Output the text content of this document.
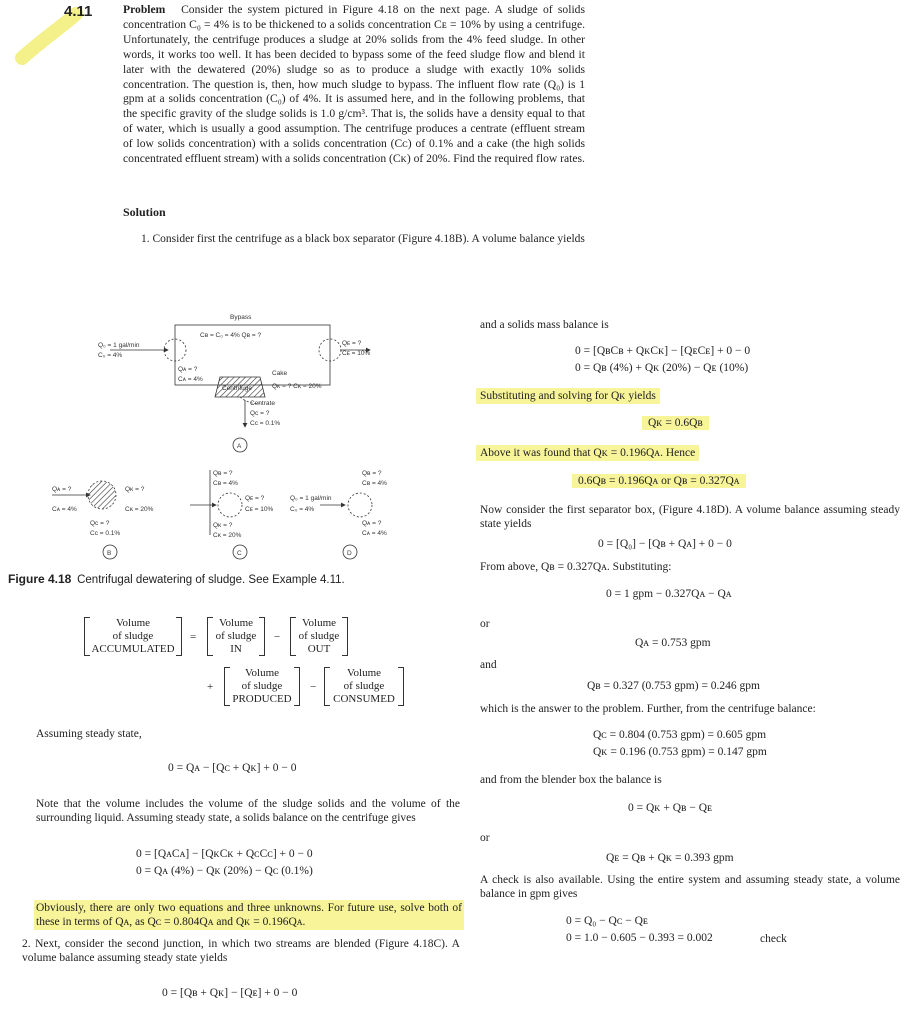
4.11	Problem Consider the system pictured in Figure 4.18 on the next page. A sludge of solids concentration C₀ = 4% is to be thickened to a solids concentration Cᴇ = 10% by using a centrifuge. Unfortunately, the centrifuge produces a sludge at 20% solids from the 4% feed sludge. In other words, it works too well. It has been decided to bypass some of the feed sludge flow and blend it later with the dewatered (20%) sludge so as to produce a sludge with exactly 10% solids concentration. The question is, then, how much sludge to bypass. The influent flow rate (Q₀) is 1 gpm at a solids concentration (C₀) of 4%. It is assumed here, and in the following problems, that the specific gravity of the sludge solids is 1.0 g/cm³. That is, the solids have a density equal to that of water, which is usually a good assumption. The centrifuge produces a centrate (effluent stream of low solids concentration) with a solids concentration (Cᴄ) of 0.1% and a cake (the high solids concentrated effluent stream) with a solids concentration (Cᴋ) of 20%. Find the required flow rates.
Solution
1. Consider first the centrifuge as a black box separator (Figure 4.18B). A volume balance yields
Bypass
Cʙ = C₀ = 4% Qʙ = ?
Q₀ = 1 gal/min
C₀ = 4%
Qᴇ = ?
Cᴇ = 10%
Qᴀ = ?
Cᴀ = 4%
Centrifuge
Cake
Qᴋ = ? Cᴋ = 20%
Centrate
Qᴄ = ?
Cᴄ = 0.1%
A
Qᴀ = ?
Cᴀ = 4%
Qᴋ = ?
Cᴋ = 20%
Qᴄ = ?
Cᴄ = 0.1%
B
Qʙ = ?
Cʙ = 4%
Qᴇ = ?
Cᴇ = 10%
Qᴋ = ?
Cᴋ = 20%
C
Q₀ = 1 gal/min
C₀ = 4%
Qʙ = ?
Cʙ = 4%
Qᴀ = ?
Cᴀ = 4%
D
Figure 4.18 Centrifugal dewatering of sludge. See Example 4.11.
Volume
of sludge
ACCUMULATED
=
Volume
of sludge
IN
−
Volume
of sludge
OUT
+
Volume
of sludge
PRODUCED
−
Volume
of sludge
CONSUMED
Assuming steady state,
0 = Qᴀ − [Qᴄ + Qᴋ] + 0 − 0
Note that the volume includes the volume of the sludge solids and the volume of the surrounding liquid. Assuming steady state, a solids balance on the centrifuge gives
0 = [QᴀCᴀ] − [QᴋCᴋ + QᴄCᴄ] + 0 − 0
0 = Qᴀ (4%) − Qᴋ (20%) − Qᴄ (0.1%)
Obviously, there are only two equations and three unknowns. For future use, solve both of these in terms of Qᴀ, as Qᴄ = 0.804Qᴀ and Qᴋ = 0.196Qᴀ.
2. Next, consider the second junction, in which two streams are blended (Figure 4.18C). A volume balance assuming steady state yields
0 = [Qʙ + Qᴋ] − [Qᴇ] + 0 − 0
and a solids mass balance is
0 = [QʙCʙ + QᴋCᴋ] − [QᴇCᴇ] + 0 − 0
0 = Qʙ (4%) + Qᴋ (20%) − Qᴇ (10%)
Substituting and solving for Qᴋ yields
Qᴋ = 0.6Qʙ
Above it was found that Qᴋ = 0.196Qᴀ. Hence
0.6Qʙ = 0.196Qᴀ or Qʙ = 0.327Qᴀ
Now consider the first separator box, (Figure 4.18D). A volume balance assuming steady state yields
0 = [Q₀] − [Qʙ + Qᴀ] + 0 − 0
From above, Qʙ = 0.327Qᴀ. Substituting:
0 = 1 gpm − 0.327Qᴀ − Qᴀ
or
Qᴀ = 0.753 gpm
and
Qʙ = 0.327 (0.753 gpm) = 0.246 gpm
which is the answer to the problem. Further, from the centrifuge balance:
Qᴄ = 0.804 (0.753 gpm) = 0.605 gpm
Qᴋ = 0.196 (0.753 gpm) = 0.147 gpm
and from the blender box the balance is
0 = Qᴋ + Qʙ − Qᴇ
or
Qᴇ = Qʙ + Qᴋ = 0.393 gpm
A check is also available. Using the entire system and assuming steady state, a volume balance in gpm gives
0 = Q₀ − Qᴄ − Qᴇ
0 = 1.0 − 0.605 − 0.393 = 0.002	check
